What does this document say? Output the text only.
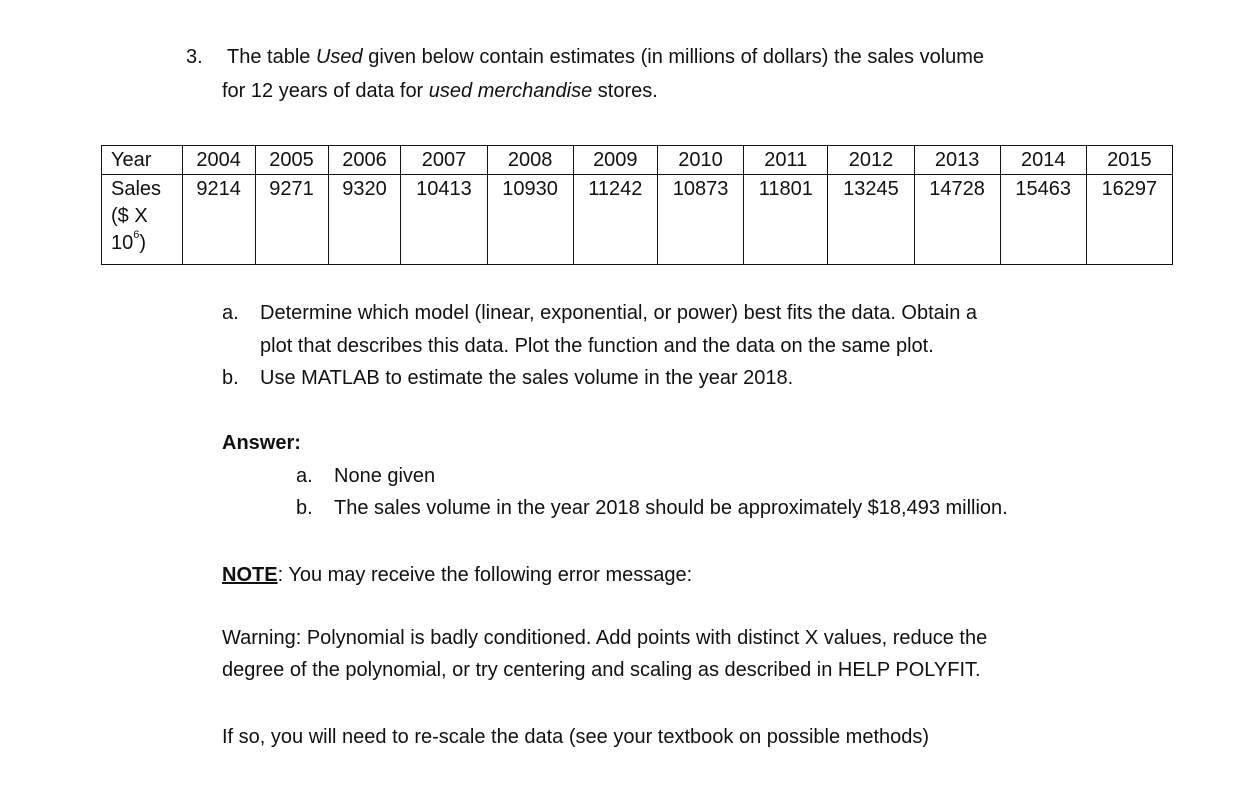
3. The table Used given below contain estimates (in millions of dollars) the sales volume
for 12 years of data for used merchandise stores.
Year	2004	2005	2006	2007	2008	2009	2010	2011	2012	2013	2014	2015
Sales
($ X
$10^6$)	9214	9271	9320	10413	10930	11242	10873	11801	13245	14728	15463	16297
a. Determine which model (linear, exponential, or power) best fits the data. Obtain a
plot that describes this data. Plot the function and the data on the same plot.
b. Use MATLAB to estimate the sales volume in the year 2018.
Answer:
a. None given
b. The sales volume in the year 2018 should be approximately $18,493 million.
NOTE: You may receive the following error message:
Warning: Polynomial is badly conditioned. Add points with distinct X values, reduce the
degree of the polynomial, or try centering and scaling as described in HELP POLYFIT.
If so, you will need to re-scale the data (see your textbook on possible methods)
